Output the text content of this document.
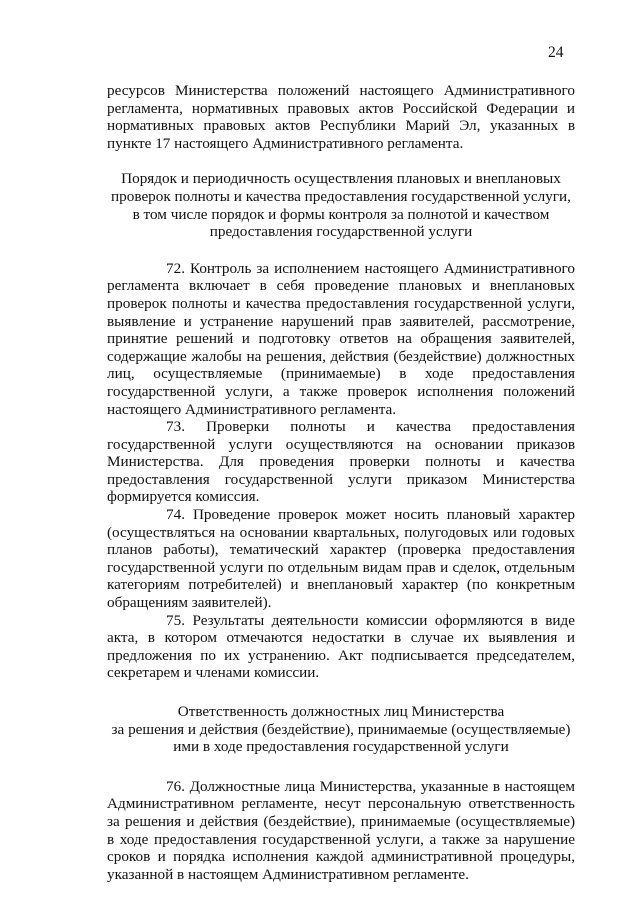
24

ресурсов Министерства положений настоящего Административного регламента, нормативных правовых актов Российской Федерации и нормативных правовых актов Республики Марий Эл, указанных в пункте 17 настоящего Административного регламента.

Порядок и периодичность осуществления плановых и внеплановых
проверок полноты и качества предоставления государственной услуги,
в том числе порядок и формы контроля за полнотой и качеством
предоставления государственной услуги

72. Контроль за исполнением настоящего Административного регламента включает в себя проведение плановых и внеплановых проверок полноты и качества предоставления государственной услуги, выявление и устранение нарушений прав заявителей, рассмотрение, принятие решений и подготовку ответов на обращения заявителей, содержащие жалобы на решения, действия (бездействие) должностных лиц, осуществляемые (принимаемые) в ходе предоставления государственной услуги, а также проверок исполнения положений настоящего Административного регламента.

73. Проверки полноты и качества предоставления государственной услуги осуществляются на основании приказов Министерства. Для проведения проверки полноты и качества предоставления государственной услуги приказом Министерства формируется комиссия.

74. Проведение проверок может носить плановый характер (осуществляться на основании квартальных, полугодовых или годовых планов работы), тематический характер (проверка предоставления государственной услуги по отдельным видам прав и сделок, отдельным категориям потребителей) и внеплановый характер (по конкретным обращениям заявителей).

75. Результаты деятельности комиссии оформляются в виде акта, в котором отмечаются недостатки в случае их выявления и предложения по их устранению. Акт подписывается председателем, секретарем и членами комиссии.

Ответственность должностных лиц Министерства
за решения и действия (бездействие), принимаемые (осуществляемые)
ими в ходе предоставления государственной услуги

76. Должностные лица Министерства, указанные в настоящем Административном регламенте, несут персональную ответственность за решения и действия (бездействие), принимаемые (осуществляемые) в ходе предоставления государственной услуги, а также за нарушение сроков и порядка исполнения каждой административной процедуры, указанной в настоящем Административном регламенте.
